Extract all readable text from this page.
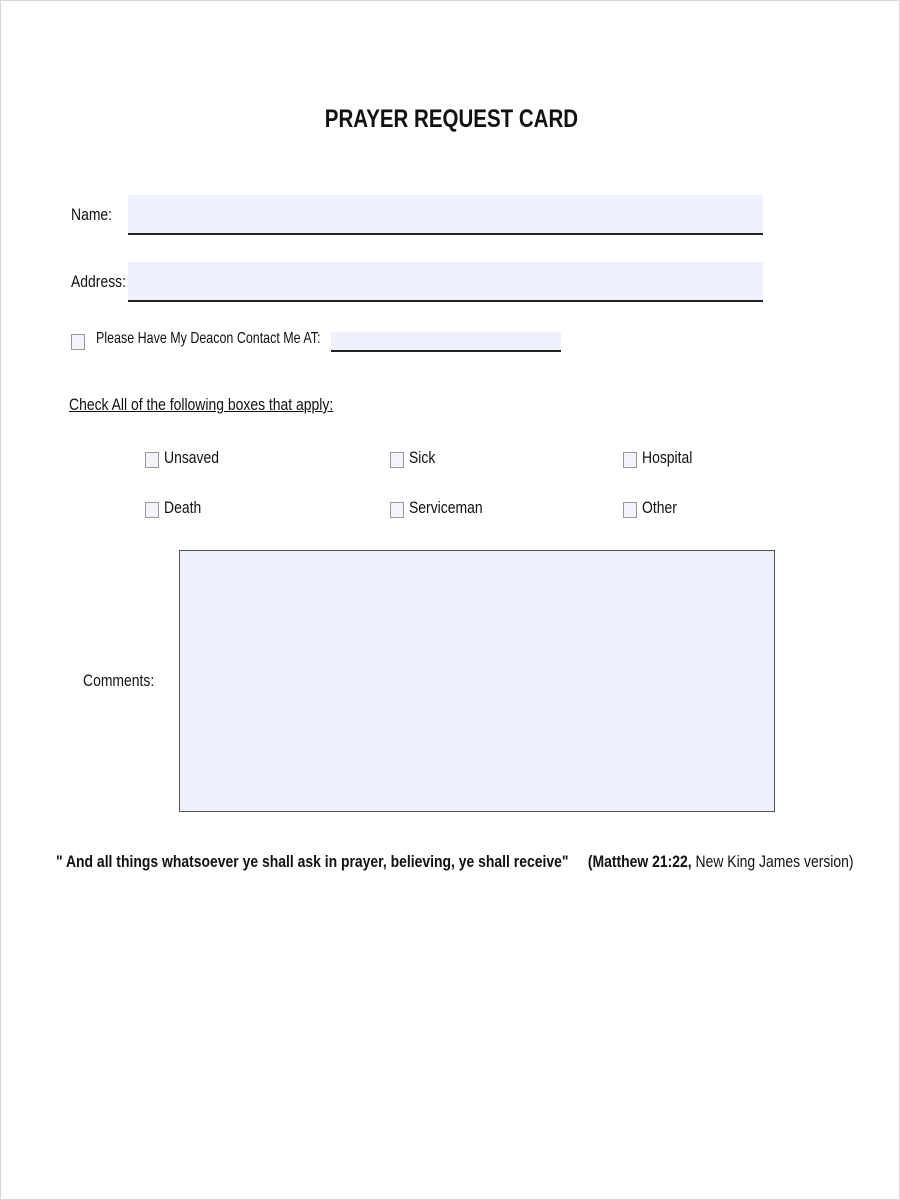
PRAYER REQUEST CARD
Name:
Address:
Please Have My Deacon Contact Me AT:
Check All of the following boxes that apply:
Unsaved	Sick	Hospital
Death	Serviceman	Other
Comments:
" And all things whatsoever ye shall ask in prayer, believing, ye shall receive" (Matthew 21:22, New King James version)
